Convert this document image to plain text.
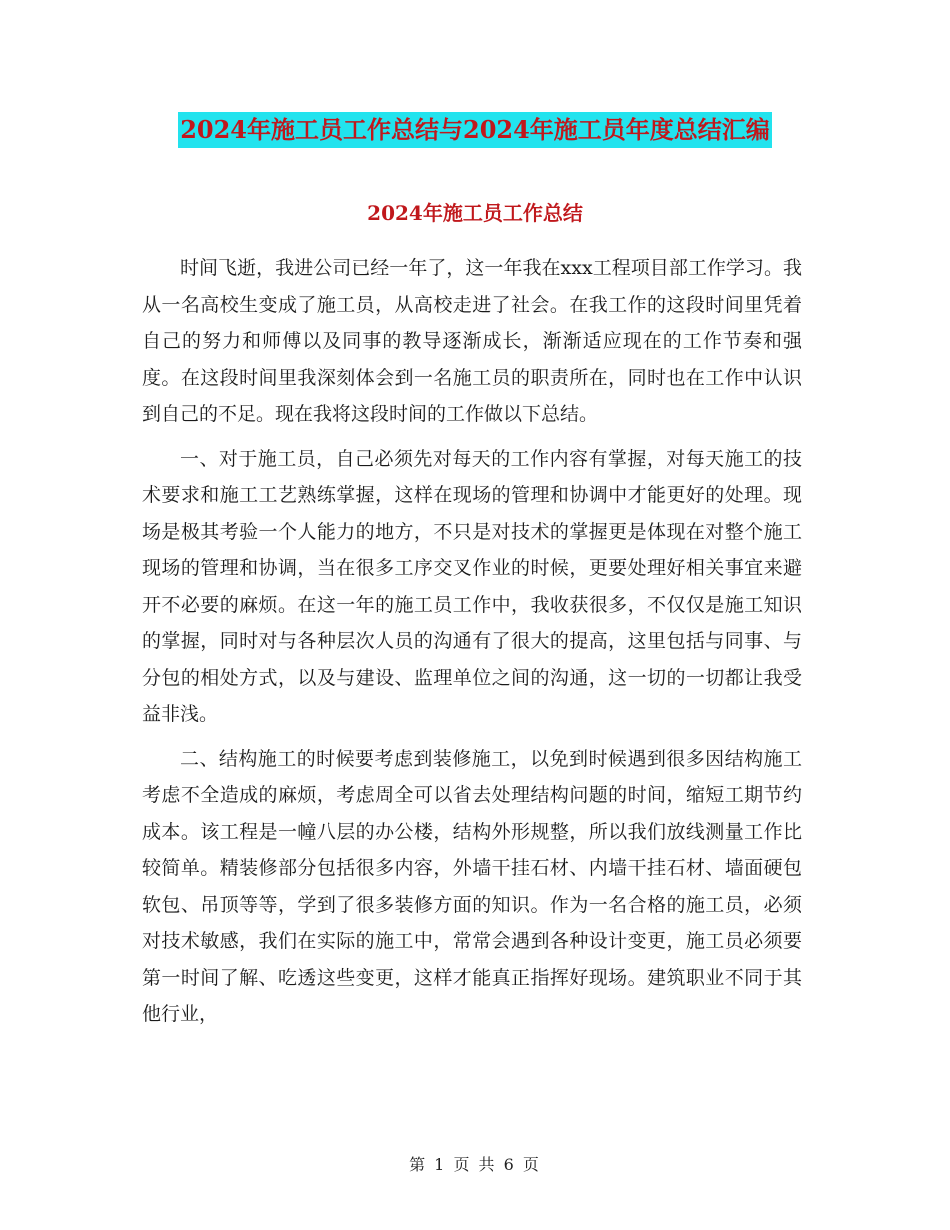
2024年施工员工作总结与2024年施工员年度总结汇编
2024年施工员工作总结

时间飞逝，我进公司已经一年了，这一年我在xxx工程项目部工作学习。我从一名高校生变成了施工员，从高校走进了社会。在我工作的这段时间里凭着自己的努力和师傅以及同事的教导逐渐成长，渐渐适应现在的工作节奏和强度。在这段时间里我深刻体会到一名施工员的职责所在，同时也在工作中认识到自己的不足。现在我将这段时间的工作做以下总结。

一、对于施工员，自己必须先对每天的工作内容有掌握，对每天施工的技术要求和施工工艺熟练掌握，这样在现场的管理和协调中才能更好的处理。现场是极其考验一个人能力的地方，不只是对技术的掌握更是体现在对整个施工现场的管理和协调，当在很多工序交叉作业的时候，更要处理好相关事宜来避开不必要的麻烦。在这一年的施工员工作中，我收获很多，不仅仅是施工知识的掌握，同时对与各种层次人员的沟通有了很大的提高，这里包括与同事、与分包的相处方式，以及与建设、监理单位之间的沟通，这一切的一切都让我受益非浅。

二、结构施工的时候要考虑到装修施工，以免到时候遇到很多因结构施工考虑不全造成的麻烦，考虑周全可以省去处理结构问题的时间，缩短工期节约成本。该工程是一幢八层的办公楼，结构外形规整，所以我们放线测量工作比较简单。精装修部分包括很多内容，外墙干挂石材、内墙干挂石材、墙面硬包软包、吊顶等等，学到了很多装修方面的知识。作为一名合格的施工员，必须对技术敏感，我们在实际的施工中，常常会遇到各种设计变更，施工员必须要第一时间了解、吃透这些变更，这样才能真正指挥好现场。建筑职业不同于其他行业，

第 1 页 共 6 页
